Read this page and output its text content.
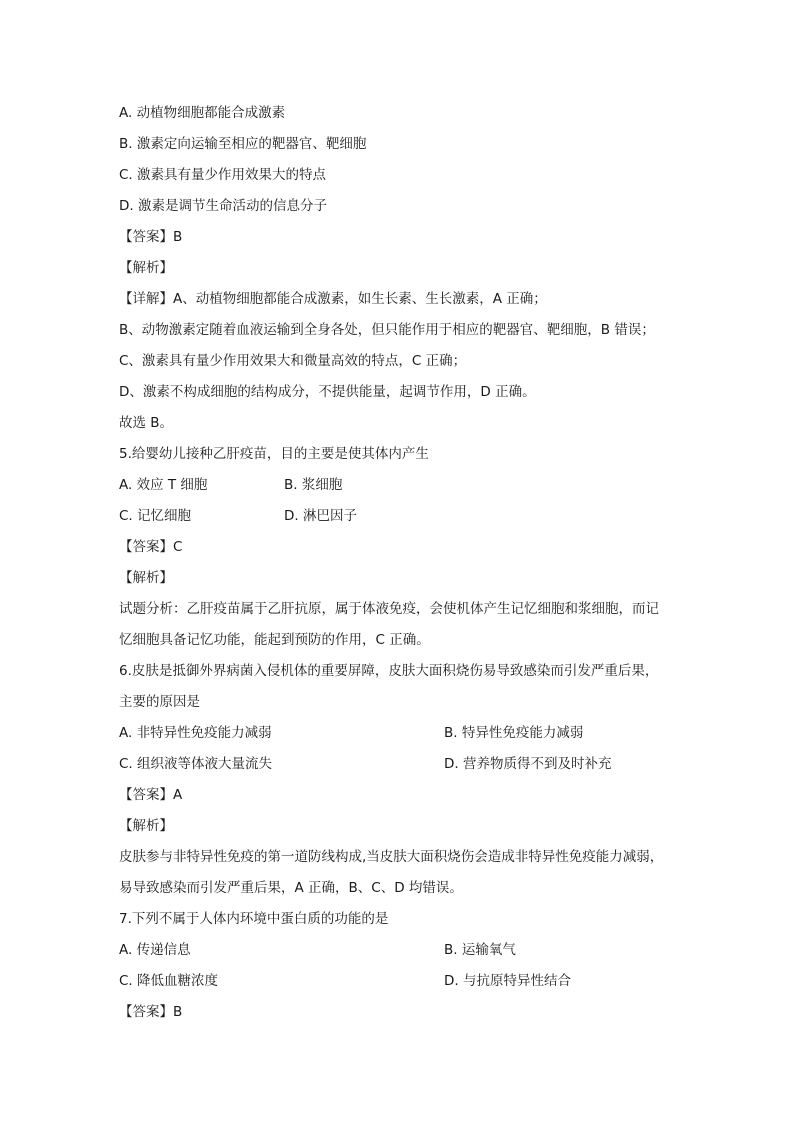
A. 动植物细胞都能合成激素
B. 激素定向运输至相应的靶器官、靶细胞
C. 激素具有量少作用效果大的特点
D. 激素是调节生命活动的信息分子
【答案】B
【解析】
【详解】A、动植物细胞都能合成激素，如生长素、生长激素，A 正确；
B、动物激素定随着血液运输到全身各处，但只能作用于相应的靶器官、靶细胞，B 错误；
C、激素具有量少作用效果大和微量高效的特点，C 正确；
D、激素不构成细胞的结构成分，不提供能量，起调节作用，D 正确。
故选 B。
5.给婴幼儿接种乙肝疫苗，目的主要是使其体内产生
A. 效应 T 细胞	B. 浆细胞
C. 记忆细胞	D. 淋巴因子
【答案】C
【解析】
试题分析：乙肝疫苗属于乙肝抗原，属于体液免疫，会使机体产生记忆细胞和浆细胞，而记
忆细胞具备记忆功能，能起到预防的作用，C 正确。
6.皮肤是抵御外界病菌入侵机体的重要屏障，皮肤大面积烧伤易导致感染而引发严重后果，
主要的原因是
A. 非特异性免疫能力减弱	B. 特异性免疫能力减弱
C. 组织液等体液大量流失	D. 营养物质得不到及时补充
【答案】A
【解析】
皮肤参与非特异性免疫的第一道防线构成,当皮肤大面积烧伤会造成非特异性免疫能力减弱，
易导致感染而引发严重后果，A 正确，B、C、D 均错误。
7.下列不属于人体内环境中蛋白质的功能的是
A. 传递信息	B. 运输氧气
C. 降低血糖浓度	D. 与抗原特异性结合
【答案】B
